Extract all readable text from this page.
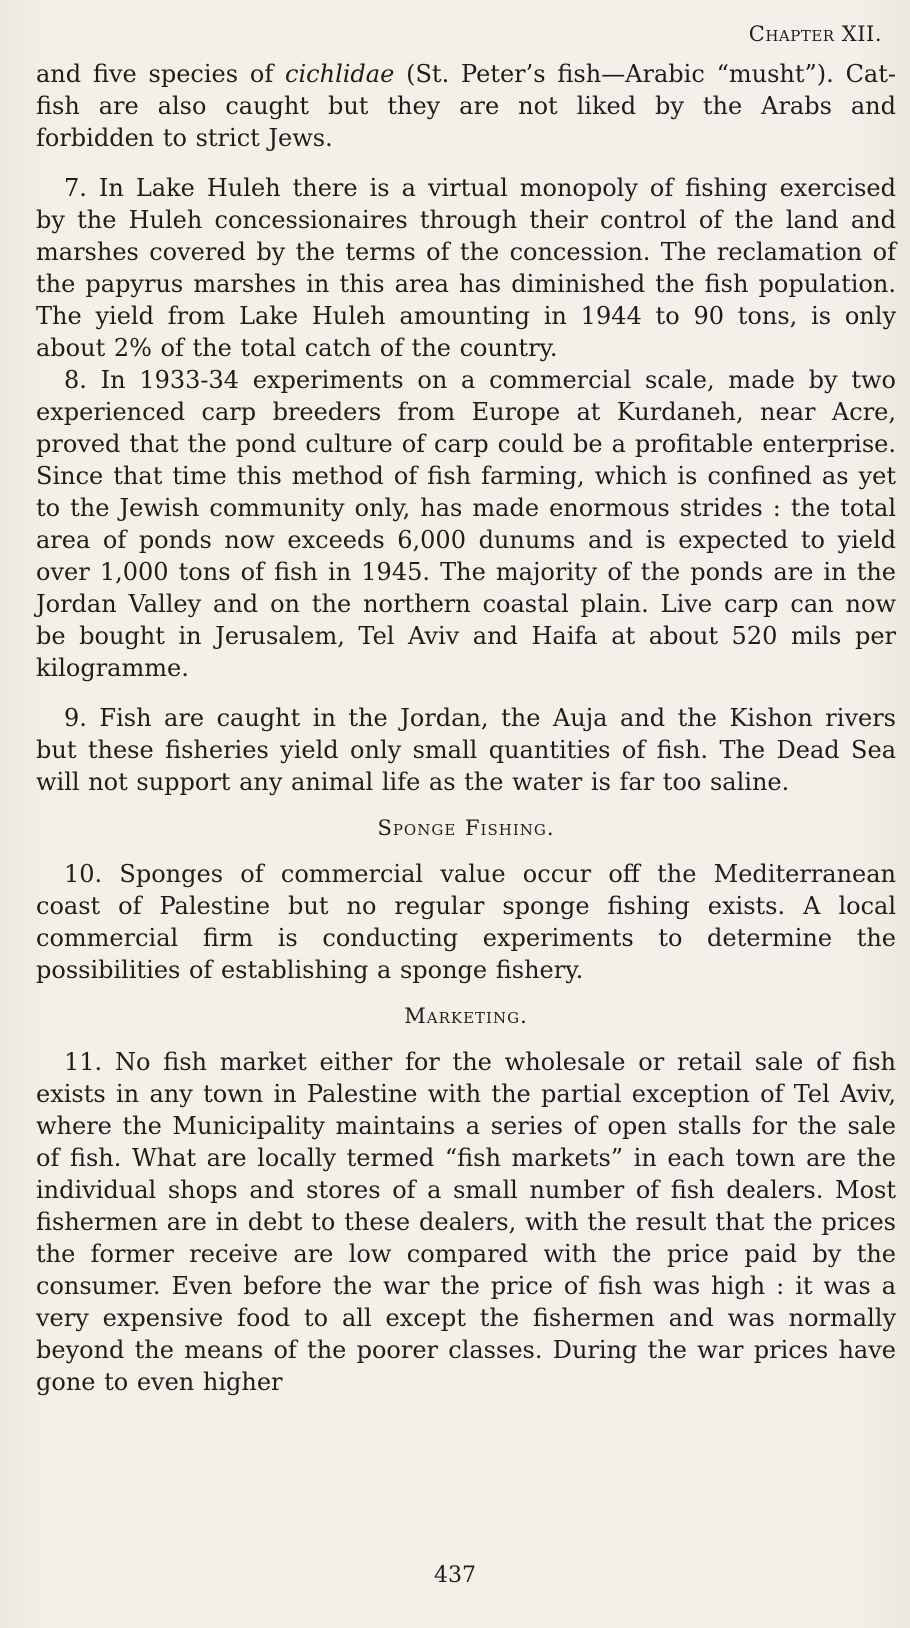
Chapter XII.

and five species of cichlidae (St. Peter’s fish—Arabic “musht”). Cat-fish are also caught but they are not liked by the Arabs and forbidden to strict Jews.

7. In Lake Huleh there is a virtual monopoly of fishing exercised by the Huleh concessionaires through their control of the land and marshes covered by the terms of the concession. The reclamation of the papyrus marshes in this area has diminished the fish population. The yield from Lake Huleh amounting in 1944 to 90 tons, is only about 2% of the total catch of the country.

8. In 1933-34 experiments on a commercial scale, made by two experienced carp breeders from Europe at Kurdaneh, near Acre, proved that the pond culture of carp could be a profitable enterprise. Since that time this method of fish farming, which is confined as yet to the Jewish community only, has made enormous strides : the total area of ponds now exceeds 6,000 dunums and is expected to yield over 1,000 tons of fish in 1945. The majority of the ponds are in the Jordan Valley and on the northern coastal plain. Live carp can now be bought in Jerusalem, Tel Aviv and Haifa at about 520 mils per kilogramme.

9. Fish are caught in the Jordan, the Auja and the Kishon rivers but these fisheries yield only small quantities of fish. The Dead Sea will not support any animal life as the water is far too saline.

Sponge Fishing.

10. Sponges of commercial value occur off the Mediterranean coast of Palestine but no regular sponge fishing exists. A local commercial firm is conducting experiments to determine the possibilities of establishing a sponge fishery.

Marketing.

11. No fish market either for the wholesale or retail sale of fish exists in any town in Palestine with the partial exception of Tel Aviv, where the Municipality maintains a series of open stalls for the sale of fish. What are locally termed “fish markets” in each town are the individual shops and stores of a small number of fish dealers. Most fishermen are in debt to these dealers, with the result that the prices the former receive are low compared with the price paid by the consumer. Even before the war the price of fish was high : it was a very expensive food to all except the fishermen and was normally beyond the means of the poorer classes. During the war prices have gone to even higher

437
